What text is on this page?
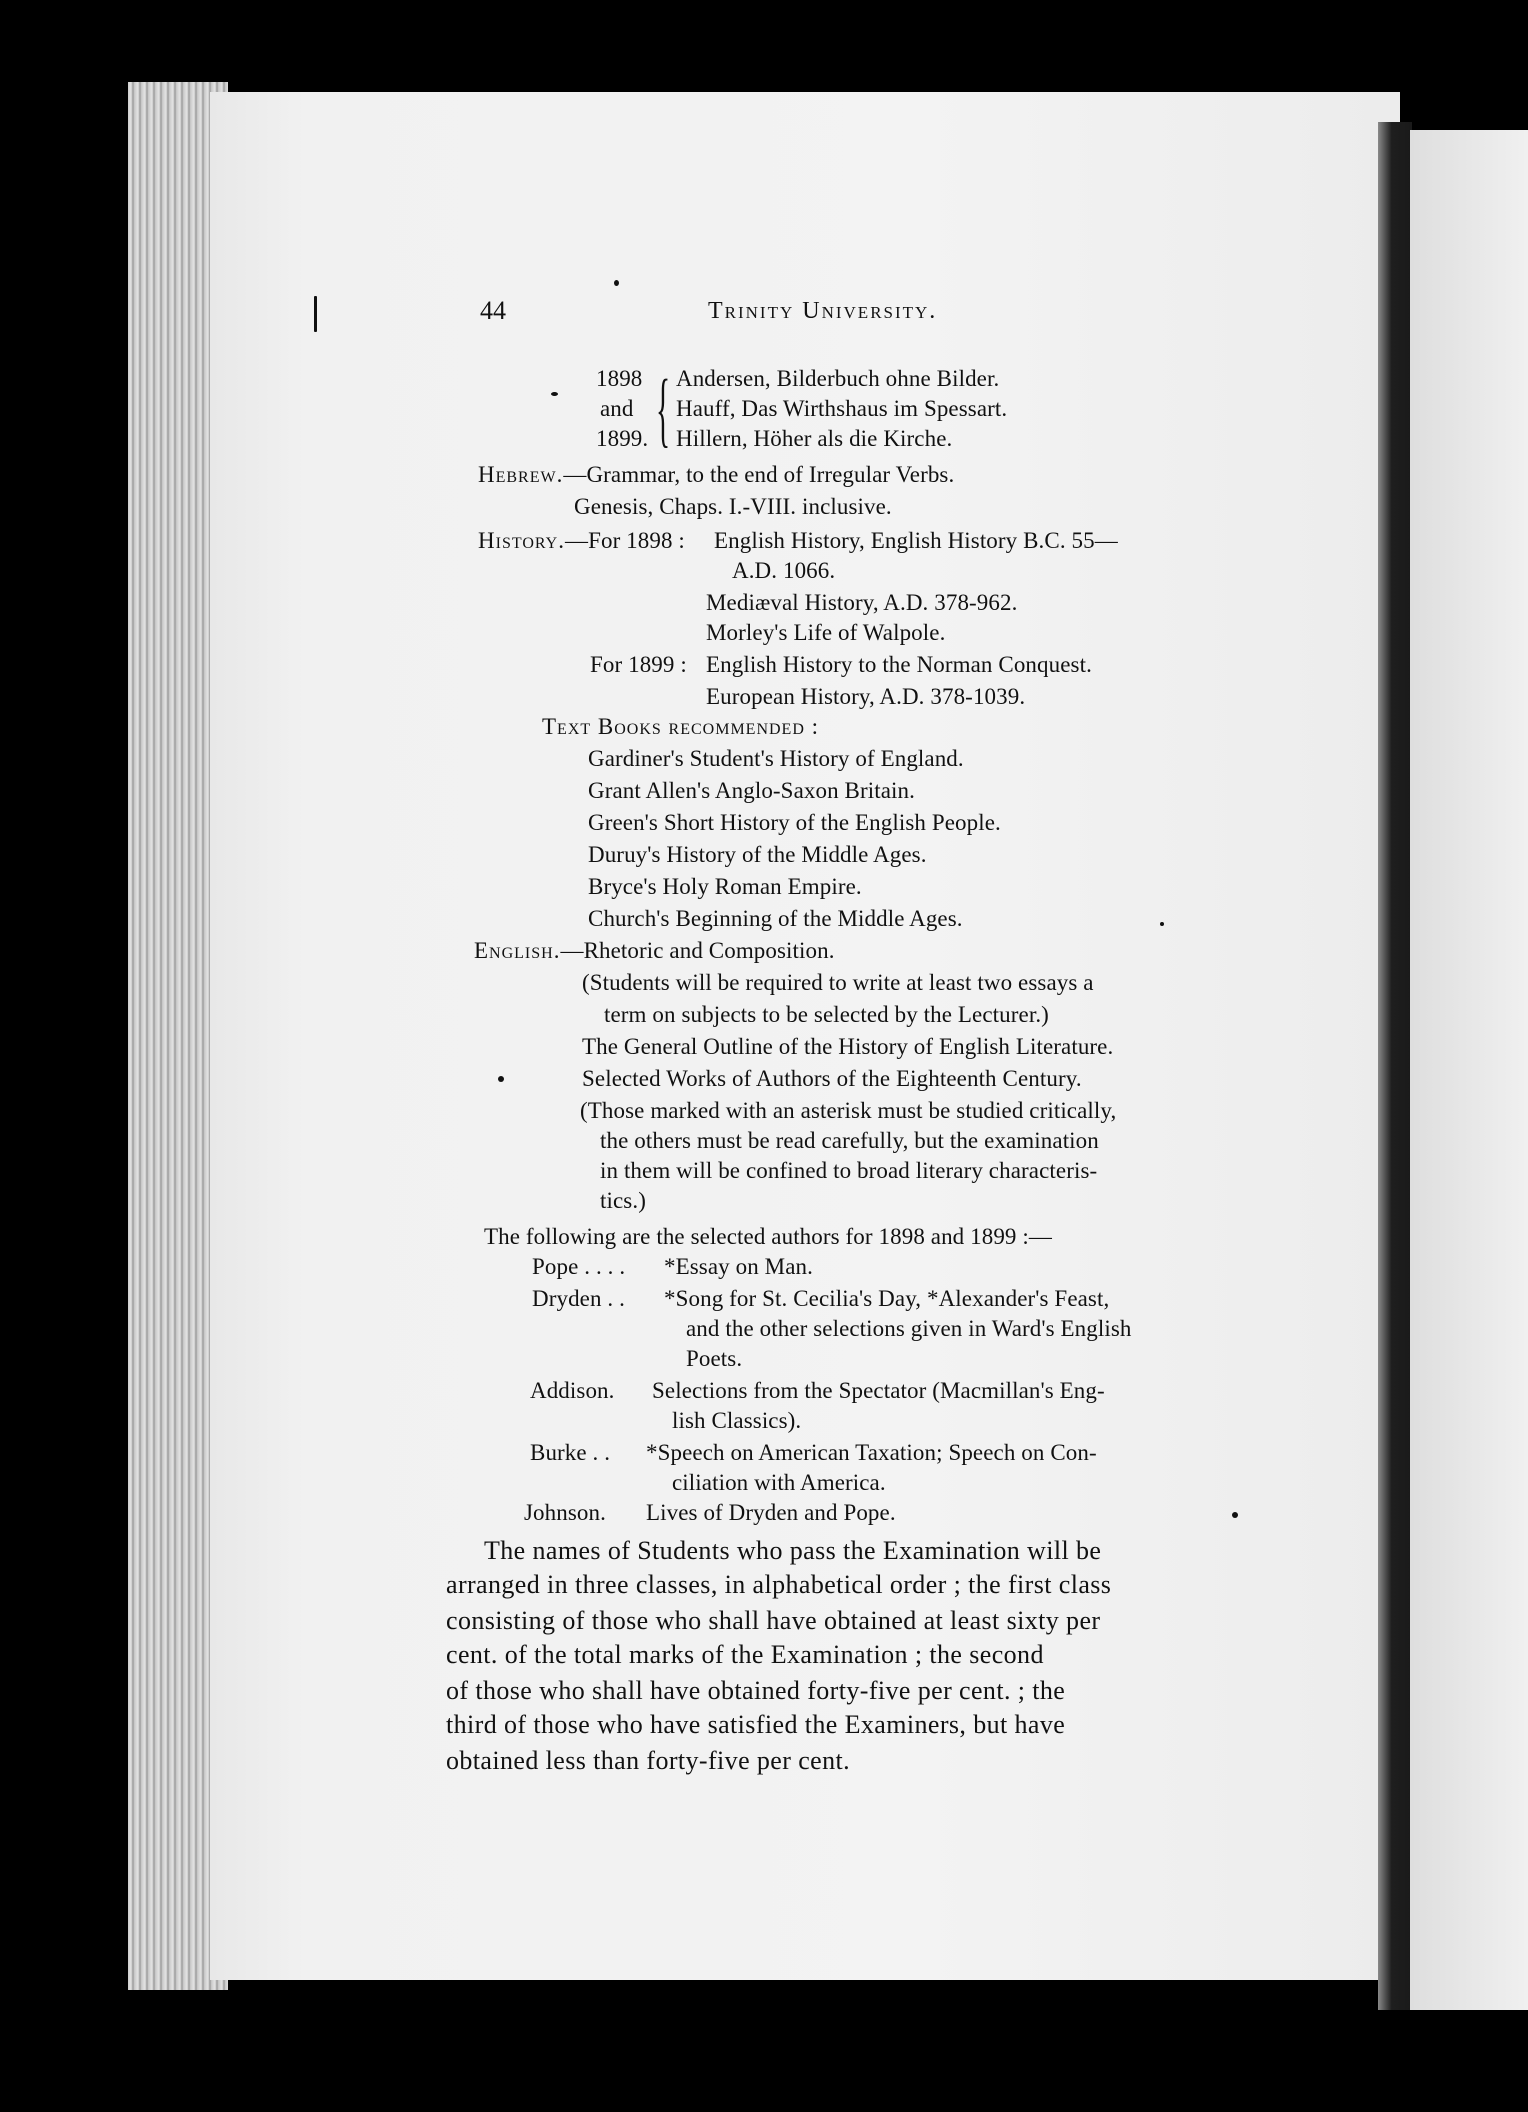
44	Trinity University.
1898
and
1899. { Andersen, Bilderbuch ohne Bilder.
Hauff, Das Wirthshaus im Spessart.
Hillern, Höher als die Kirche.
Hebrew.—Grammar, to the end of Irregular Verbs.
Genesis, Chaps. I.-VIII. inclusive.
History.—For 1898 : English History, English History B.C. 55—
A.D. 1066.
Mediæval History, A.D. 378-962.
Morley's Life of Walpole.
For 1899 : English History to the Norman Conquest.
European History, A.D. 378-1039.
Text Books recommended :
Gardiner's Student's History of England.
Grant Allen's Anglo-Saxon Britain.
Green's Short History of the English People.
Duruy's History of the Middle Ages.
Bryce's Holy Roman Empire.
Church's Beginning of the Middle Ages.
English.—Rhetoric and Composition.
(Students will be required to write at least two essays a
term on subjects to be selected by the Lecturer.)
The General Outline of the History of English Literature.
Selected Works of Authors of the Eighteenth Century.
(Those marked with an asterisk must be studied critically,
the others must be read carefully, but the examination
in them will be confined to broad literary characteris-
tics.)
The following are the selected authors for 1898 and 1899 :—
Pope . . . . *Essay on Man.
Dryden . . *Song for St. Cecilia's Day, *Alexander's Feast,
and the other selections given in Ward's English
Poets.
Addison. Selections from the Spectator (Macmillan's Eng-
lish Classics).
Burke . . *Speech on American Taxation; Speech on Con-
ciliation with America.
Johnson. Lives of Dryden and Pope.
The names of Students who pass the Examination will be
arranged in three classes, in alphabetical order ; the first class
consisting of those who shall have obtained at least sixty per
cent. of the total marks of the Examination ; the second
of those who shall have obtained forty-five per cent. ; the
third of those who have satisfied the Examiners, but have
obtained less than forty-five per cent.
